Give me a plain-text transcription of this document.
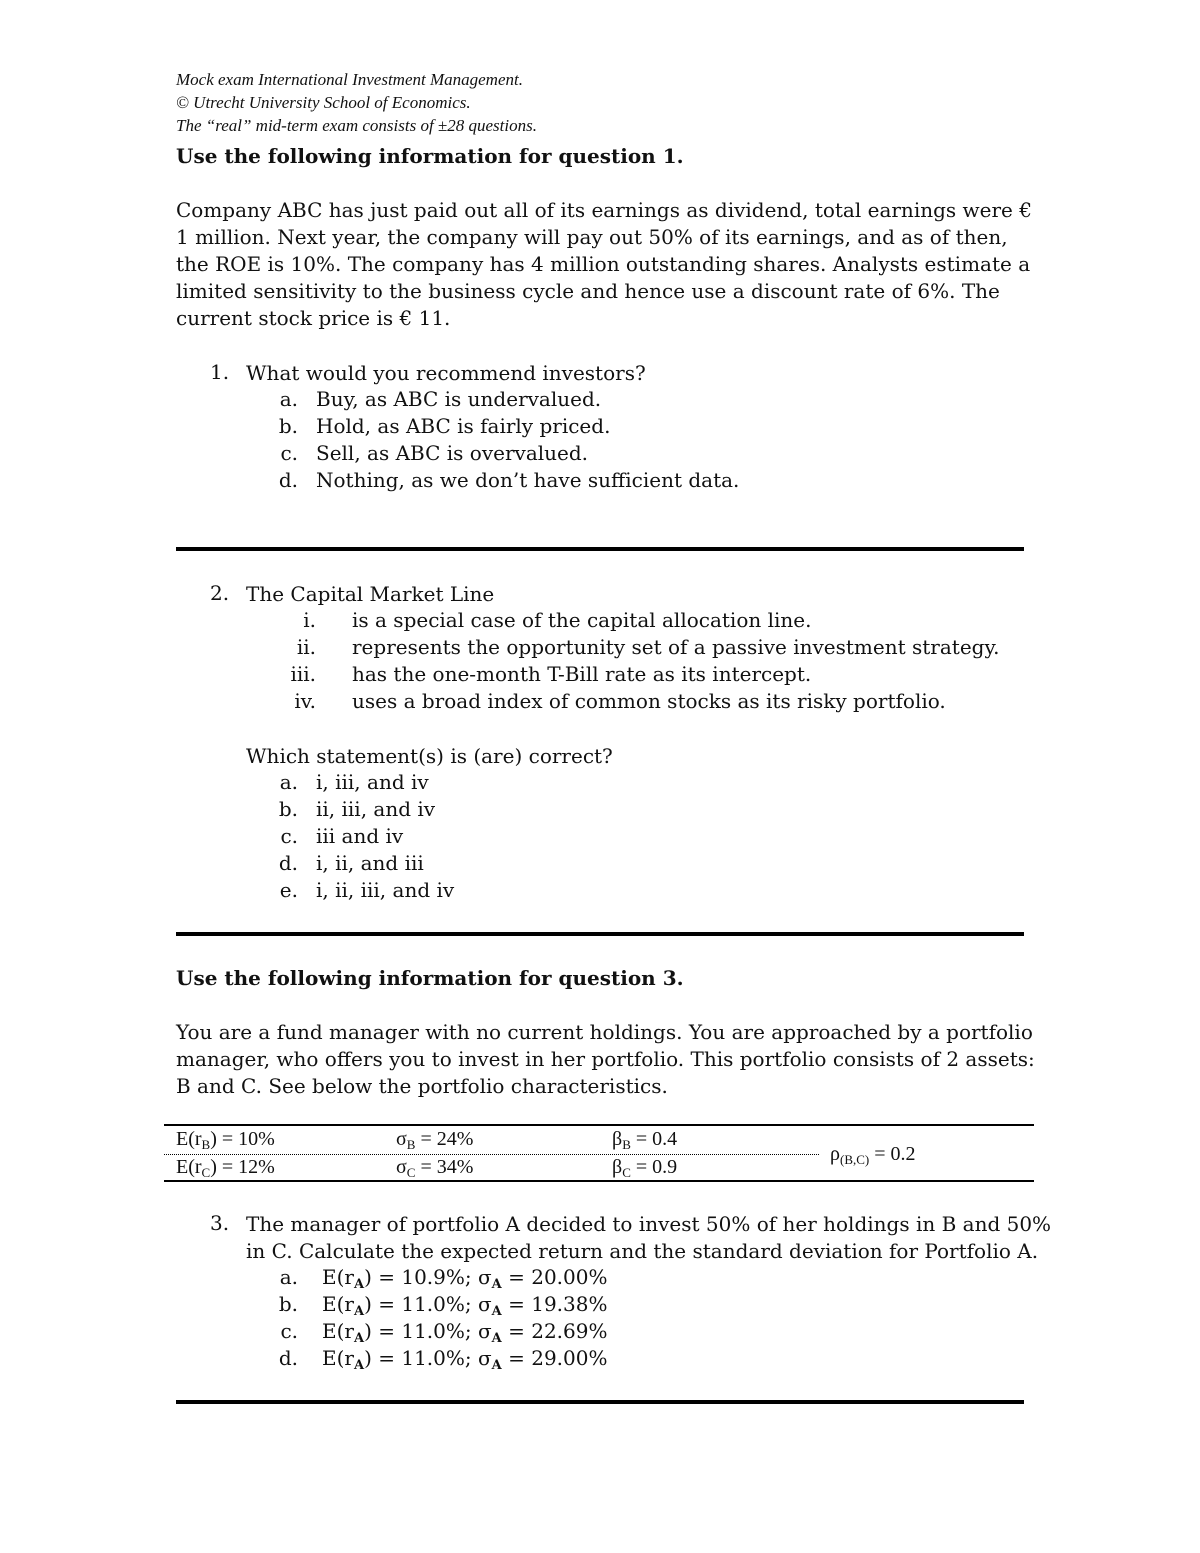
Mock exam International Investment Management.
© Utrecht University School of Economics.
The “real” mid-term exam consists of ±28 questions.
Use the following information for question 1.

Company ABC has just paid out all of its earnings as dividend, total earnings were € 1 million. Next year, the company will pay out 50% of its earnings, and as of then, the ROE is 10%. The company has 4 million outstanding shares. Analysts estimate a limited sensitivity to the business cycle and hence use a discount rate of 6%. The current stock price is € 11.

1. What would you recommend investors?
a. Buy, as ABC is undervalued.
b. Hold, as ABC is fairly priced.
c. Sell, as ABC is overvalued.
d. Nothing, as we don’t have sufficient data.
2. The Capital Market Line
i. is a special case of the capital allocation line.
ii. represents the opportunity set of a passive investment strategy.
iii. has the one-month T-Bill rate as its intercept.
iv. uses a broad index of common stocks as its risky portfolio.
Which statement(s) is (are) correct?
a. i, iii, and iv
b. ii, iii, and iv
c. iii and iv
d. i, ii, and iii
e. i, ii, iii, and iv
Use the following information for question 3.

You are a fund manager with no current holdings. You are approached by a portfolio manager, who offers you to invest in her portfolio. This portfolio consists of 2 assets: B and C. See below the portfolio characteristics.

$E(r_B) = 10\%$	$\sigma_B = 24\%$	$\beta_B = 0.4$
$E(r_C) = 12\%$	$\sigma_C = 34\%$	$\beta_C = 0.9$
$\rho_{(B,C)} = 0.2$
3. The manager of portfolio A decided to invest 50% of her holdings in B and 50%
in C. Calculate the expected return and the standard deviation for Portfolio A.
a. $E(r_A) = 10.9\%$; $\sigma_A = 20.00\%$
b. $E(r_A) = 11.0\%$; $\sigma_A = 19.38\%$
c. $E(r_A) = 11.0\%$; $\sigma_A = 22.69\%$
d. $E(r_A) = 11.0\%$; $\sigma_A = 29.00\%$
